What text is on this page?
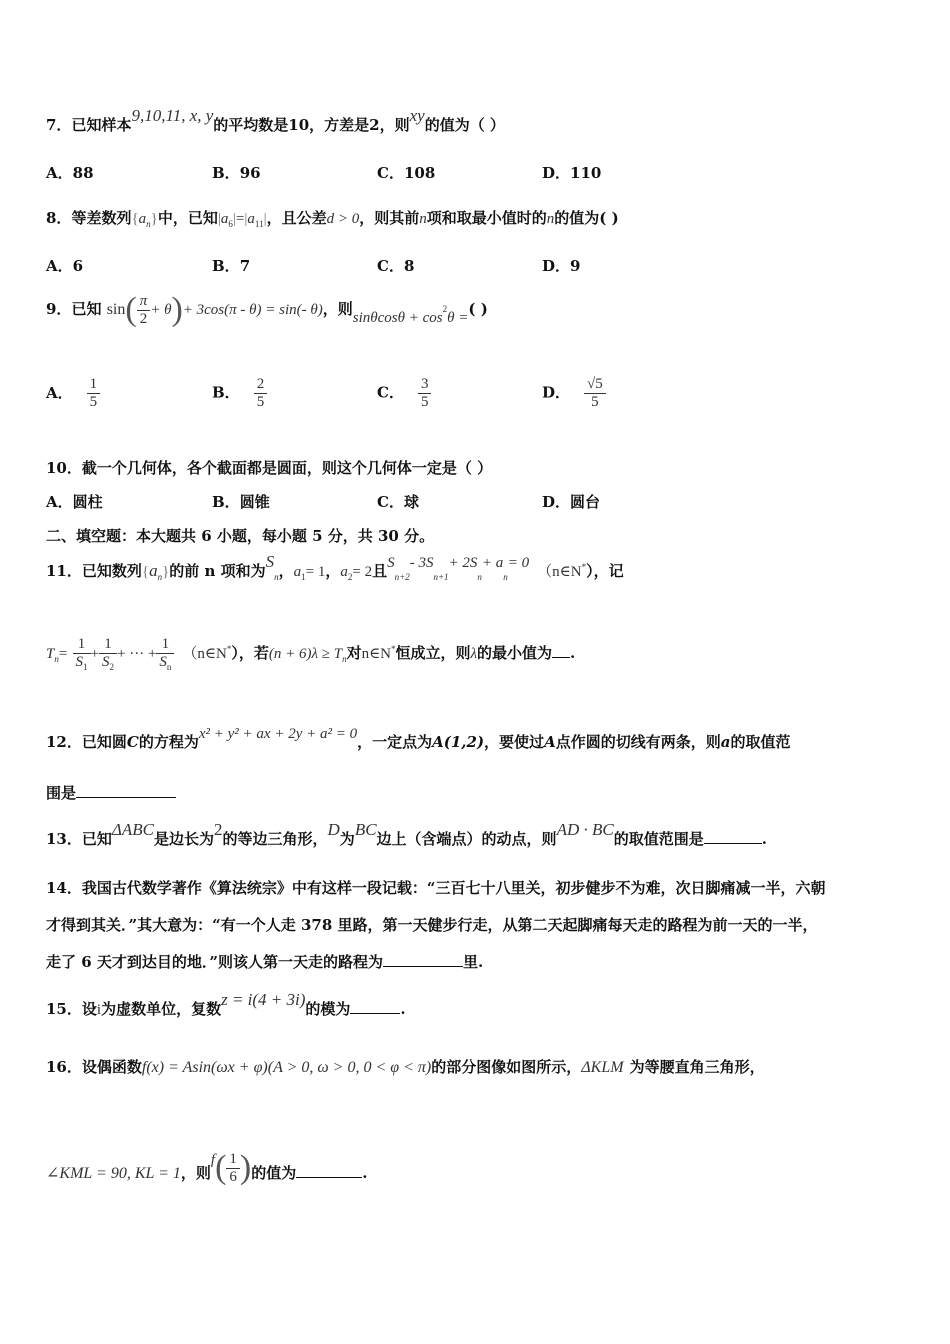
7．已知样本9,10,11, x, y的平均数是10，方差是2，则xy的值为（ ）
A．88	B．96	C．108	D．110
8．等差数列$\{a_n\}$中，已知$|a_6|=|a_{11}|$，且公差d > 0，则其前n项和取最小值时的n的值为( )
A．6	B．7	C．8	D．9
9．已知 $\sin( \frac{\pi}{2} + \theta)+ 3\cos(\pi - \theta) = \sin(-$ θ)，则$\sin\theta\cos\theta + \cos^2\theta$ =( )
A． $\frac{1}{5}$	B． $\frac{2}{5}$	C． $\frac{3}{5}$	D． $\frac{√5}{5}$
10．截一个几何体，各个截面都是圆面，则这个几何体一定是（ ）
A．圆柱	B．圆锥	C．球	D．圆台
二、填空题：本大题共 6 小题，每小题 5 分，共 30 分。
11．已知数列$\{a_n\}$的前 n 项和为$S_n$，$a_1= 1$，$a_2= 2$且$S_{n+2}-$ $3S_{n+1}+ 2S_n+ a_n=$ 0（n∈N*），记
$T_n= \frac{1}{S_1} + \frac{1}{S_2}$ + ··· + $\frac{1}{S_n}$ （n∈N*），若$(n + 6)\lambda \ge T_n$对n∈N*恒成立，则λ的最小值为 .
12．已知圆C的方程为x² + y² + ax + 2y + a² = 0，一定点为A(1,2)，要使过A点作圆的切线有两条，则a的取值范
围是
13．已知ΔABC是边长为2的等边三角形，D为BC边上（含端点）的动点，则AD · BC的取值范围是	.
14．我国古代数学著作《算法统宗》中有这样一段记载：“三百七十八里关，初步健步不为难，次日脚痛减一半，六朝
才得到其关．”其大意为：“有一个人走 378 里路，第一天健步行走，从第二天起脚痛每天走的路程为前一天的一半，
走了 6 天才到达目的地．”则该人第一天走的路程为	里.
15．设i为虚数单位，复数z = i(4 + 3i)的模为	.
16．设偶函数f(x) = Asin(ωx + φ)(A > 0, ω > 0, 0 < φ < π)的部分图像如图所示，ΔKLM 为等腰直角三角形，
∠KML = 90, KL = 1，则$f( \frac{1}{6}$ )的值为	.
